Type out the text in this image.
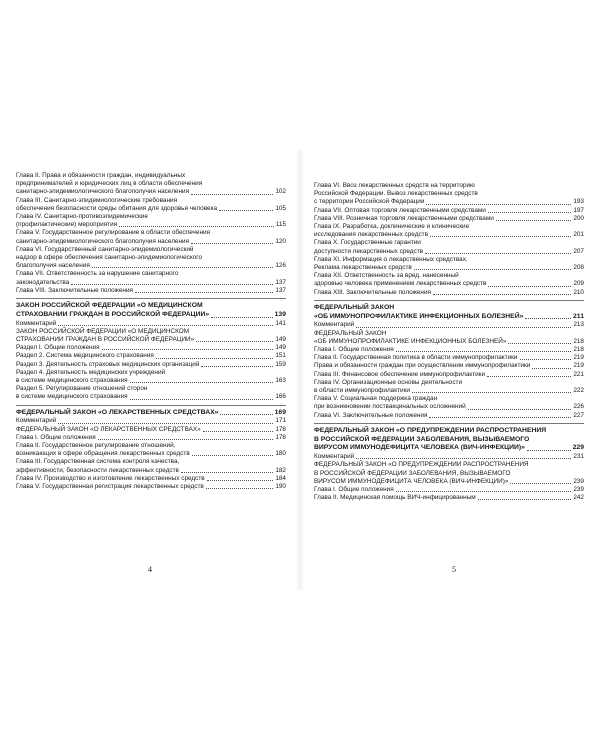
Глава II. Права и обязанности граждан, индивидуальных
предпринимателей и юридических лиц в области обеспечения
санитарно-эпидемиологического благополучия населения	102
Глава III. Санитарно-эпидемиологические требования
обеспечения безопасности среды обитания для здоровья человека	105
Глава IV. Санитарно-противоэпидемические
(профилактические) мероприятия	115
Глава V. Государственное регулирование в области обеспечения
санитарно-эпидемиологического благополучия населения	120
Глава VI. Государственный санитарно-эпидемиологический
надзор в сфере обеспечения санитарно-эпидемиологического
благополучия населения	126
Глава VII. Ответственность за нарушение санитарного
законодательства	137
Глава VIII. Заключительные положения	137
ЗАКОН РОССИЙСКОЙ ФЕДЕРАЦИИ «О МЕДИЦИНСКОМ
СТРАХОВАНИИ ГРАЖДАН В РОССИЙСКОЙ ФЕДЕРАЦИИ»	139
Комментарий	141
ЗАКОН РОССИЙСКОЙ ФЕДЕРАЦИИ «О МЕДИЦИНСКОМ
СТРАХОВАНИИ ГРАЖДАН В РОССИЙСКОЙ ФЕДЕРАЦИИ»	149
Раздел I. Общие положения	149
Раздел 2. Система медицинского страхования	151
Раздел 3. Деятельность страховых медицинских организаций	159
Раздел 4. Деятельность медицинских учреждений
в системе медицинского страхования	163
Раздел 5. Регулирование отношений сторон
в системе медицинского страхования	166
ФЕДЕРАЛЬНЫЙ ЗАКОН «О ЛЕКАРСТВЕННЫХ СРЕДСТВАХ»	169
Комментарий	171
ФЕДЕРАЛЬНЫЙ ЗАКОН «О ЛЕКАРСТВЕННЫХ СРЕДСТВАХ»	178
Глава I. Общие положения	178
Глава II. Государственное регулирование отношений,
возникающих в сфере обращения лекарственных средств	180
Глава III. Государственная система контроля качества,
эффективности, безопасности лекарственных средств	182
Глава IV. Производство и изготовление лекарственных средств	184
Глава V. Государственная регистрация лекарственных средств	190
4
Глава VI. Ввоз лекарственных средств на территорию
Российской Федерации. Вывоз лекарственных средств
с территории Российской Федерации	193
Глава VII. Оптовая торговля лекарственными средствами	197
Глава VIII. Розничная торговля лекарственными средствами	200
Глава IX. Разработка, доклинические и клинические
исследования лекарственных средств	201
Глава X. Государственные гарантии
доступности лекарственных средств	207
Глава XI. Информация о лекарственных средствах.
Реклама лекарственных средств	208
Глава XII. Ответственность за вред, нанесенный
здоровью человека применением лекарственных средств	209
Глава XIII. Заключительные положения	210
ФЕДЕРАЛЬНЫЙ ЗАКОН
«ОБ ИММУНОПРОФИЛАКТИКЕ ИНФЕКЦИОННЫХ БОЛЕЗНЕЙ»	211
Комментарий	213
ФЕДЕРАЛЬНЫЙ ЗАКОН
«ОБ ИММУНОПРОФИЛАКТИКЕ ИНФЕКЦИОННЫХ БОЛЕЗНЕЙ»	218
Глава I. Общие положения	218
Глава II. Государственная политика в области иммунопрофилактики	219
Права и обязанности граждан при осуществлении иммунопрофилактики	219
Глава III. Финансовое обеспечение иммунопрофилактики	221
Глава IV. Организационные основы деятельности
в области иммунопрофилактики	222
Глава V. Социальная поддержка граждан
при возникновении поствакцинальных осложнений	226
Глава VI. Заключительные положения	227
ФЕДЕРАЛЬНЫЙ ЗАКОН «О ПРЕДУПРЕЖДЕНИИ РАСПРОСТРАНЕНИЯ
В РОССИЙСКОЙ ФЕДЕРАЦИИ ЗАБОЛЕВАНИЯ, ВЫЗЫВАЕМОГО
ВИРУСОМ ИММУНОДЕФИЦИТА ЧЕЛОВЕКА (ВИЧ-ИНФЕКЦИИ)»	229
Комментарий	231
ФЕДЕРАЛЬНЫЙ ЗАКОН «О ПРЕДУПРЕЖДЕНИИ РАСПРОСТРАНЕНИЯ
В РОССИЙСКОЙ ФЕДЕРАЦИИ ЗАБОЛЕВАНИЯ, ВЫЗЫВАЕМОГО
ВИРУСОМ ИММУНОДЕФИЦИТА ЧЕЛОВЕКА (ВИЧ-ИНФЕКЦИИ)»	239
Глава I. Общие положения	239
Глава II. Медицинская помощь ВИЧ-инфицированным	242
5
